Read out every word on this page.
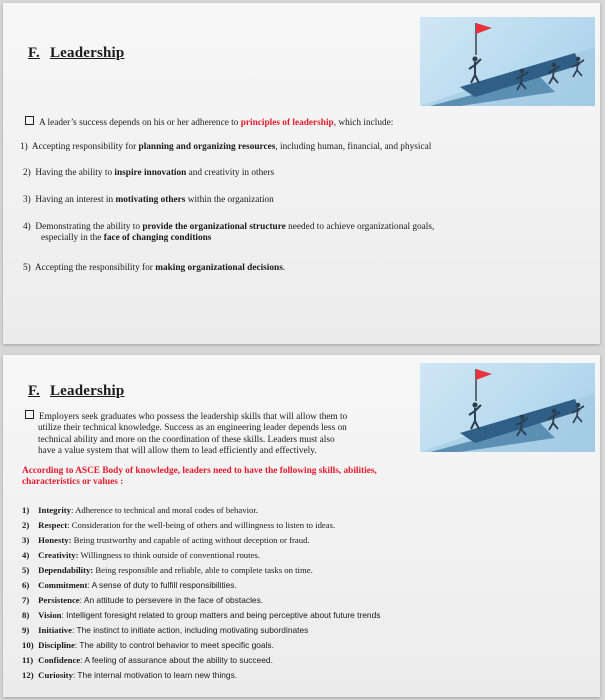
F. Leadership
A leader’s success depends on his or her adherence to principles of leadership, which include:
1) Accepting responsibility for planning and organizing resources, including human, financial, and physical
2) Having the ability to inspire innovation and creativity in others
3) Having an interest in motivating others within the organization
4) Demonstrating the ability to provide the organizational structure needed to achieve organizational goals,
especially in the face of changing conditions
5) Accepting the responsibility for making organizational decisions.
F. Leadership
Employers seek graduates who possess the leadership skills that will allow them to
utilize their technical knowledge. Success as an engineering leader depends less on
technical ability and more on the coordination of these skills. Leaders must also
have a value system that will allow them to lead efficiently and effectively.
According to ASCE Body of knowledge, leaders need to have the following skills, abilities,
characteristics or values :
1) Integrity: Adherence to technical and moral codes of behavior.
2) Respect: Consideration for the well-being of others and willingness to listen to ideas.
3) Honesty: Being trustworthy and capable of acting without deception or fraud.
4) Creativity: Willingness to think outside of conventional routes.
5) Dependability: Being responsible and reliable, able to complete tasks on time.
6) Commitment: A sense of duty to fulfill responsibilities.
7) Persistence: An attitude to persevere in the face of obstacles.
8) Vision: Intelligent foresight related to group matters and being perceptive about future trends
9) Initiative: The instinct to initiate action, including motivating subordinates
10) Discipline: The ability to control behavior to meet specific goals.
11) Confidence: A feeling of assurance about the ability to succeed.
12) Curiosity: The internal motivation to learn new things.
